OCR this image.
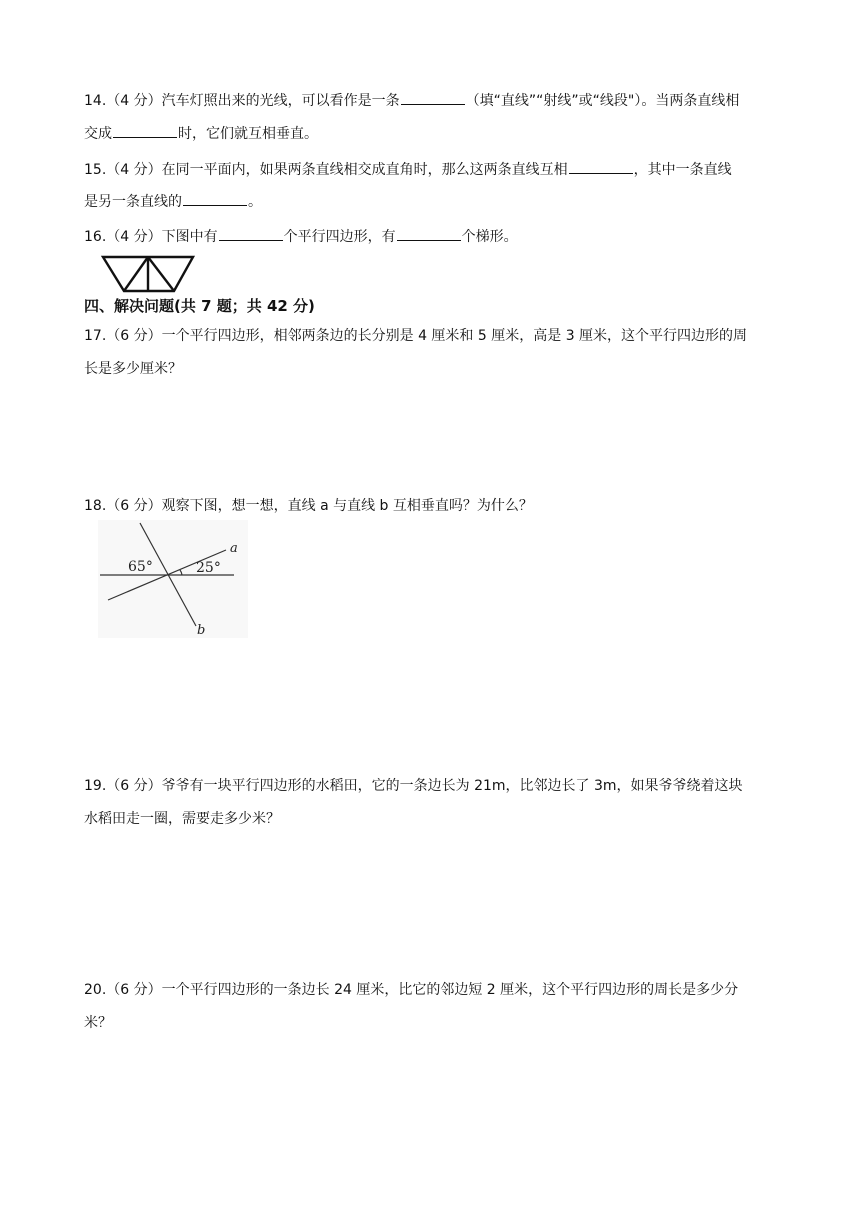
14.（4 分）汽车灯照出来的光线，可以看作是一条	（填“直线”“射线”或“线段"）。当两条直线相
交成	时，它们就互相垂直。
15.（4 分）在同一平面内，如果两条直线相交成直角时，那么这两条直线互相	，其中一条直线
是另一条直线的	。
16.（4 分）下图中有	个平行四边形，有	个梯形。
四、解决问题(共 7 题；共 42 分)
17.（6 分）一个平行四边形，相邻两条边的长分别是 4 厘米和 5 厘米，高是 3 厘米，这个平行四边形的周
长是多少厘米？
18.（6 分）观察下图，想一想，直线 a 与直线 b 互相垂直吗？为什么？
65°	25°
a
b
19.（6 分）爷爷有一块平行四边形的水稻田，它的一条边长为 21m，比邻边长了 3m，如果爷爷绕着这块
水稻田走一圈，需要走多少米？
20.（6 分）一个平行四边形的一条边长 24 厘米，比它的邻边短 2 厘米，这个平行四边形的周长是多少分
米？
